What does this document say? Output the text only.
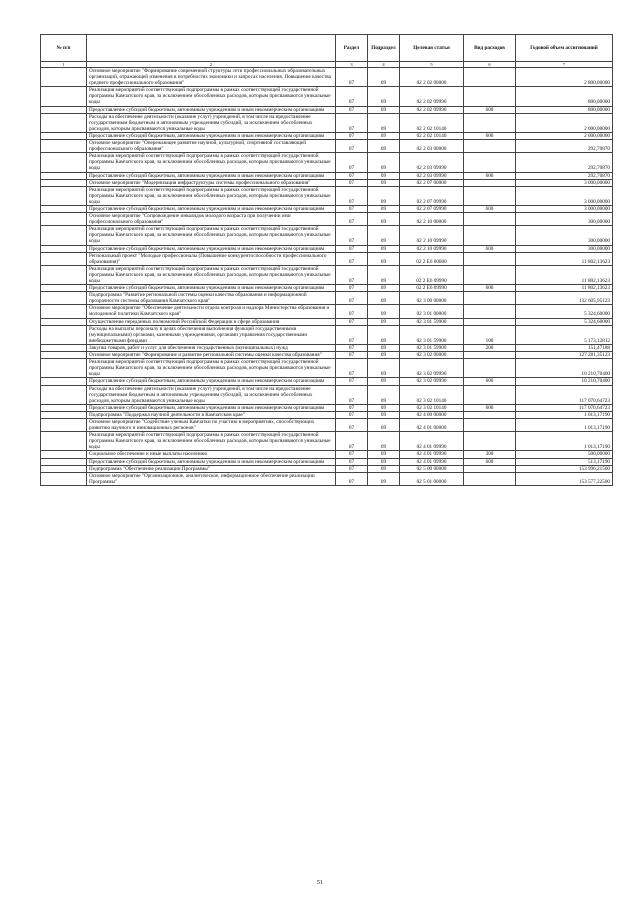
№ п/п		Раздел	Подраздел	Целевая статья	Вид расходов	Годовой объем ассигнований
1	2	3	4	5	6	7
	Основное мероприятие "Формирование современной структуры сети профессиональных образовательных организаций, отражающей изменения в потребностях экономики и запросах населения. Повышение качества среднего профессионального образования"	07	09	02 2 02 00000		2 800,00000
	Реализация мероприятий соответствующей подпрограммы в рамках соответствующей государственной программы Камчатского края, за исключением обособленных расходов, которым присваиваются уникальные коды	07	09	02 2 02 09990		800,00000
	Предоставление субсидий бюджетным, автономным учреждениям и иным некоммерческим организациям	07	09	02 2 02 09990	600	800,00000
	Расходы на обеспечение деятельности (оказание услуг) учреждений, в том числе на предоставление государственным бюджетным и автономным учреждениям субсидий, за исключением обособленных расходов, которым присваиваются уникальные коды	07	09	02 2 02 10140		2 000,00000
	Предоставление субсидий бюджетным, автономным учреждениям и иным некоммерческим организациям	07	09	02 2 02 10140	600	2 000,00000
	Основное мероприятие "Опережающее развитие научной, культурной, спортивной составляющей профессионального образования"	07	09	02 2 03 00000		292,70870
	Реализация мероприятий соответствующей подпрограммы в рамках соответствующей государственной программы Камчатского края, за исключением обособленных расходов, которым присваиваются уникальные коды	07	09	02 2 03 09990		292,70870
	Предоставление субсидий бюджетным, автономным учреждениям и иным некоммерческим организациям	07	09	02 2 03 09990	600	292,70870
	Основное мероприятие "Модернизация инфраструктуры системы профессионального образования"	07	09	02 2 07 00000		3 000,00000
	Реализация мероприятий соответствующей подпрограммы в рамках соответствующей государственной программы Камчатского края, за исключением обособленных расходов, которым присваиваются уникальные коды	07	09	02 2 07 09990		3 000,00000
	Предоставление субсидий бюджетным, автономным учреждениям и иным некоммерческим организациям	07	09	02 2 07 09990	600	3 000,00000
	Основное мероприятие "Сопровождение инвалидов молодого возраста при получении ими профессионального образования"	07	09	02 2 10 00000		300,00000
	Реализация мероприятий соответствующей подпрограммы в рамках соответствующей государственной программы Камчатского края, за исключением обособленных расходов, которым присваиваются уникальные коды	07	09	02 2 10 09990		300,00000
	Предоставление субсидий бюджетным, автономным учреждениям и иным некоммерческим организациям	07	09	02 2 10 09990	600	300,00000
	Региональный проект "Молодые профессионалы (Повышение конкурентоспособности профессионального образования)"	07	09	02 2 E6 00000		11 802,13623
	Реализация мероприятий соответствующей подпрограммы в рамках соответствующей государственной программы Камчатского края, за исключением обособленных расходов, которым присваиваются уникальные коды	07	09	02 2 E6 09990		11 802,13623
	Предоставление субсидий бюджетным, автономным учреждениям и иным некоммерческим организациям	07	09	02 2 E6 09990	600	11 802,13623
	Подпрограмма "Развитие региональной системы оценки качества образования и информационной прозрачности системы образования Камчатского края"	07	09	02 3 00 00000		132 605,95123
	Основное мероприятие "Обеспечение деятельности отдела контроля и надзора Министерства образования и молодежной политики Камчатского края"	07	09	02 3 01 00000		5 324,60000
	Осуществление переданных полномочий Российской Федерации в сфере образования	07	09	02 3 01 59900		5 324,60000
	Расходы на выплаты персоналу в целях обеспечения выполнения функций государственными (муниципальными) органами, казенными учреждениями, органами управления государственными внебюджетными фондами	07	09	02 3 01 59900	100	5 173,12812
	Закупка товаров, работ и услуг для обеспечения государственных (муниципальных) нужд	07	09	02 3 01 59900	200	151,47188
	Основное мероприятие "Формирование и развитие региональной системы оценки качества образования"	07	09	02 3 02 00000		127 281,35123
	Реализация мероприятий соответствующей подпрограммы в рамках соответствующей государственной программы Камчатского края, за исключением обособленных расходов, которым присваиваются уникальные коды	07	09	02 3 02 09990		10 210,70400
	Предоставление субсидий бюджетным, автономным учреждениям и иным некоммерческим организациям	07	09	02 3 02 09990	600	10 210,70400
	Расходы на обеспечение деятельности (оказание услуг) учреждений, в том числе на предоставление государственным бюджетным и автономным учреждениям субсидий, за исключением обособленных расходов, которым присваиваются уникальные коды	07	09	02 3 02 10140		117 070,64723
	Предоставление субсидий бюджетным, автономным учреждениям и иным некоммерческим организациям	07	09	02 3 02 10140	600	117 070,64723
	Подпрограмма "Поддержка научной деятельности в Камчатском крае"	07	09	02 4 00 00000		1 013,17190
	Основное мероприятие "Содействие ученым Камчатки по участию в мероприятиях, способствующих развитию научного и инновационных регионов"	07	09	02 4 01 00000		1 013,17190
	Реализация мероприятий соответствующей подпрограммы в рамках соответствующей государственной программы Камчатского края, за исключением обособленных расходов, которым присваиваются уникальные коды	07	09	02 4 01 09990		1 013,17190
	Социальное обеспечение и иные выплаты населению	07	09	02 4 01 09990	300	500,00000
	Предоставление субсидий бюджетным, автономным учреждениям и иным некоммерческим организациям	07	09	02 4 01 09990	600	513,17190
	Подпрограмма "Обеспечение реализации Программы"	07	09	02 5 00 00000		153 996,21500
	Основное мероприятие "Организационное, аналитическое, информационное обеспечение реализации Программы"	07	09	02 5 01 00000		153 577,22500
51
